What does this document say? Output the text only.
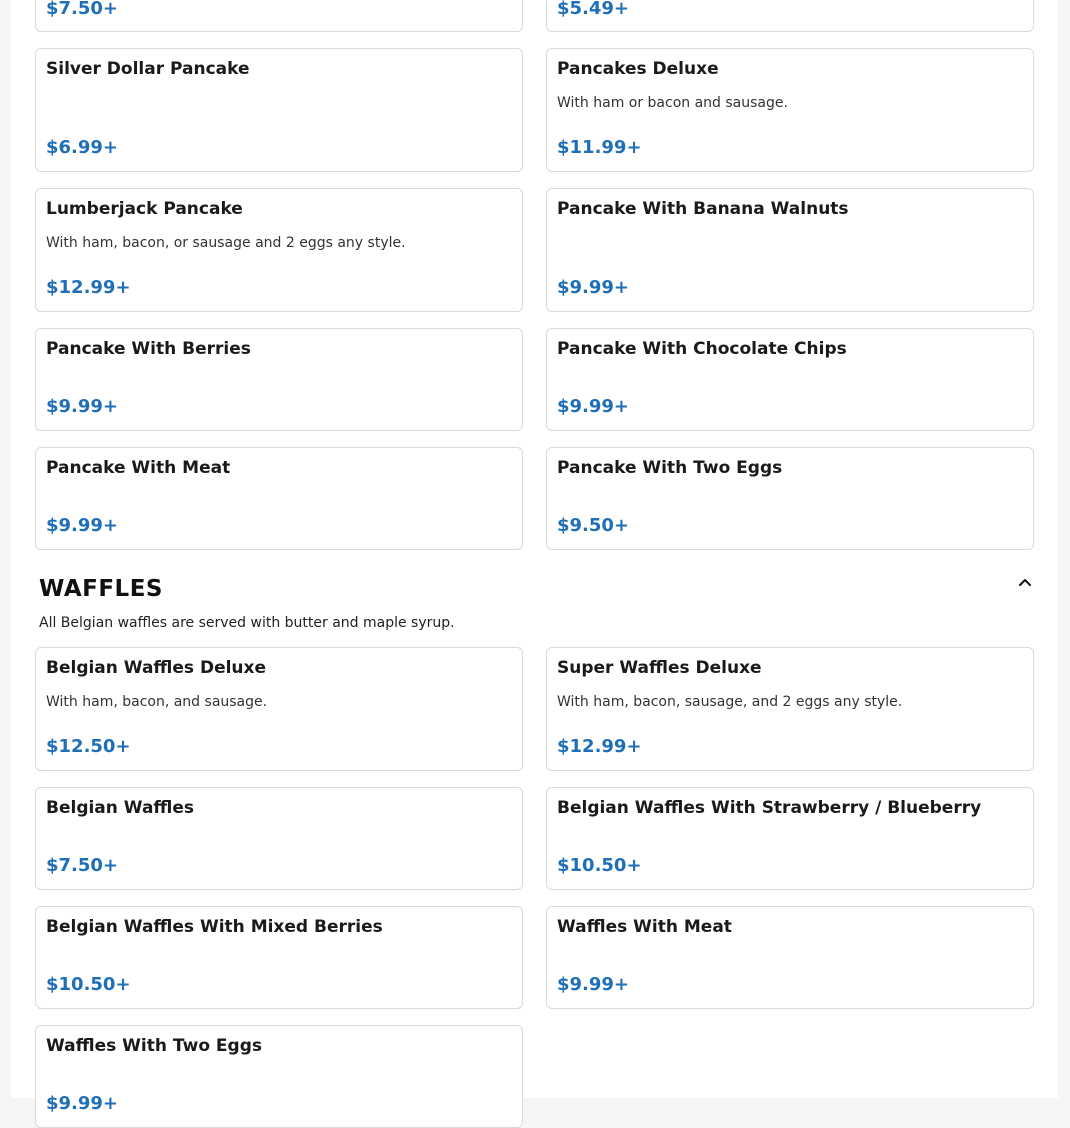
$7.50+	$5.49+
Silver Dollar Pancake
$6.99+
Pancakes Deluxe
With ham or bacon and sausage.
$11.99+
Lumberjack Pancake
With ham, bacon, or sausage and 2 eggs any style.
$12.99+
Pancake With Banana Walnuts
$9.99+
Pancake With Berries
$9.99+
Pancake With Chocolate Chips
$9.99+
Pancake With Meat
$9.99+
Pancake With Two Eggs
$9.50+
WAFFLES
All Belgian waffles are served with butter and maple syrup.
Belgian Waffles Deluxe
With ham, bacon, and sausage.
$12.50+
Super Waffles Deluxe
With ham, bacon, sausage, and 2 eggs any style.
$12.99+
Belgian Waffles
$7.50+
Belgian Waffles With Strawberry / Blueberry
$10.50+
Belgian Waffles With Mixed Berries
$10.50+
Waffles With Meat
$9.99+
Waffles With Two Eggs
$9.99+
